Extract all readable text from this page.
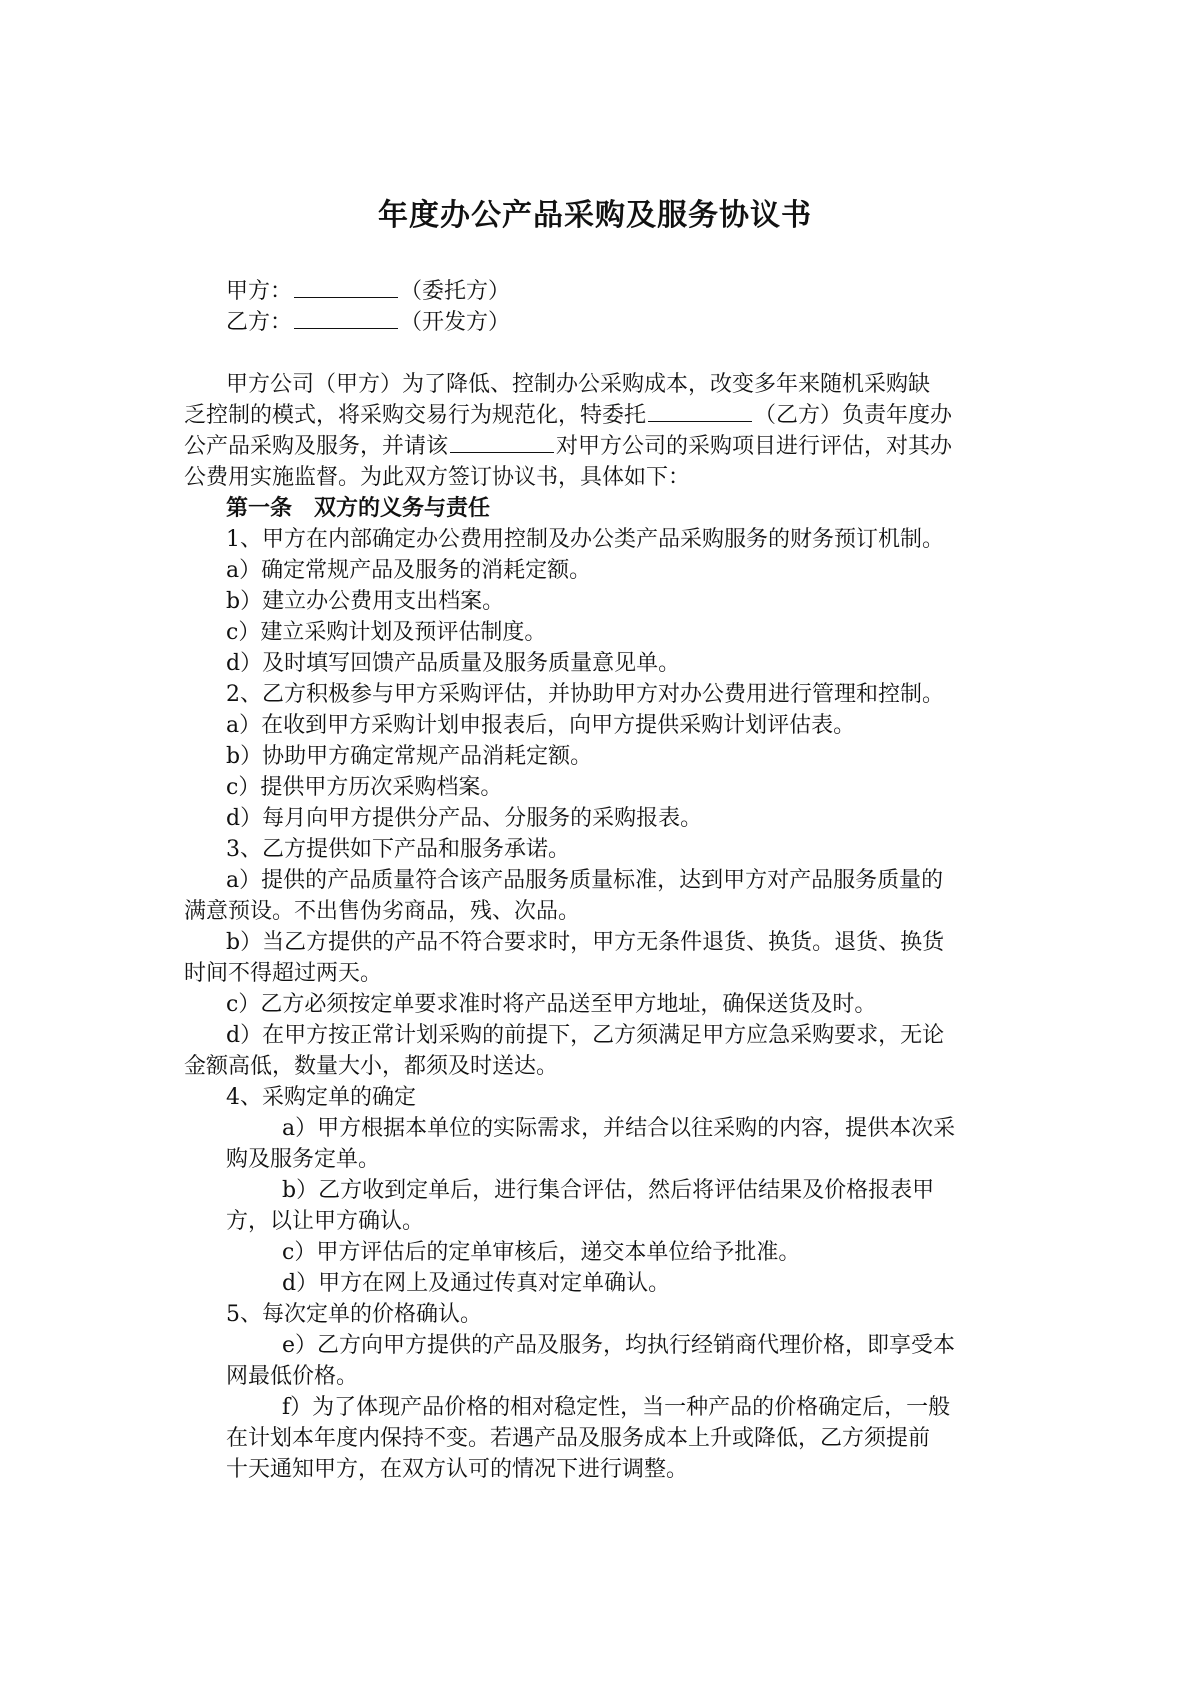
年度办公产品采购及服务协议书
甲方：	（委托方）
乙方：	（开发方）
甲方公司（甲方）为了降低、控制办公采购成本，改变多年来随机采购缺
乏控制的模式，将采购交易行为规范化，特委托	（乙方）负责年度办
公产品采购及服务，并请该	对甲方公司的采购项目进行评估，对其办
公费用实施监督。为此双方签订协议书，具体如下：
第一条　双方的义务与责任
1、甲方在内部确定办公费用控制及办公类产品采购服务的财务预订机制。
a）确定常规产品及服务的消耗定额。
b）建立办公费用支出档案。
c）建立采购计划及预评估制度。
d）及时填写回馈产品质量及服务质量意见单。
2、乙方积极参与甲方采购评估，并协助甲方对办公费用进行管理和控制。
a）在收到甲方采购计划申报表后，向甲方提供采购计划评估表。
b）协助甲方确定常规产品消耗定额。
c）提供甲方历次采购档案。
d）每月向甲方提供分产品、分服务的采购报表。
3、乙方提供如下产品和服务承诺。
a）提供的产品质量符合该产品服务质量标准，达到甲方对产品服务质量的
满意预设。不出售伪劣商品，残、次品。
b）当乙方提供的产品不符合要求时，甲方无条件退货、换货。退货、换货
时间不得超过两天。
c）乙方必须按定单要求准时将产品送至甲方地址，确保送货及时。
d）在甲方按正常计划采购的前提下，乙方须满足甲方应急采购要求，无论
金额高低，数量大小，都须及时送达。
4、采购定单的确定
a）甲方根据本单位的实际需求，并结合以往采购的内容，提供本次采
购及服务定单。
b）乙方收到定单后，进行集合评估，然后将评估结果及价格报表甲
方，以让甲方确认。
c）甲方评估后的定单审核后，递交本单位给予批准。
d）甲方在网上及通过传真对定单确认。
5、每次定单的价格确认。
e）乙方向甲方提供的产品及服务，均执行经销商代理价格，即享受本
网最低价格。
f）为了体现产品价格的相对稳定性，当一种产品的价格确定后，一般
在计划本年度内保持不变。若遇产品及服务成本上升或降低，乙方须提前
十天通知甲方，在双方认可的情况下进行调整。
